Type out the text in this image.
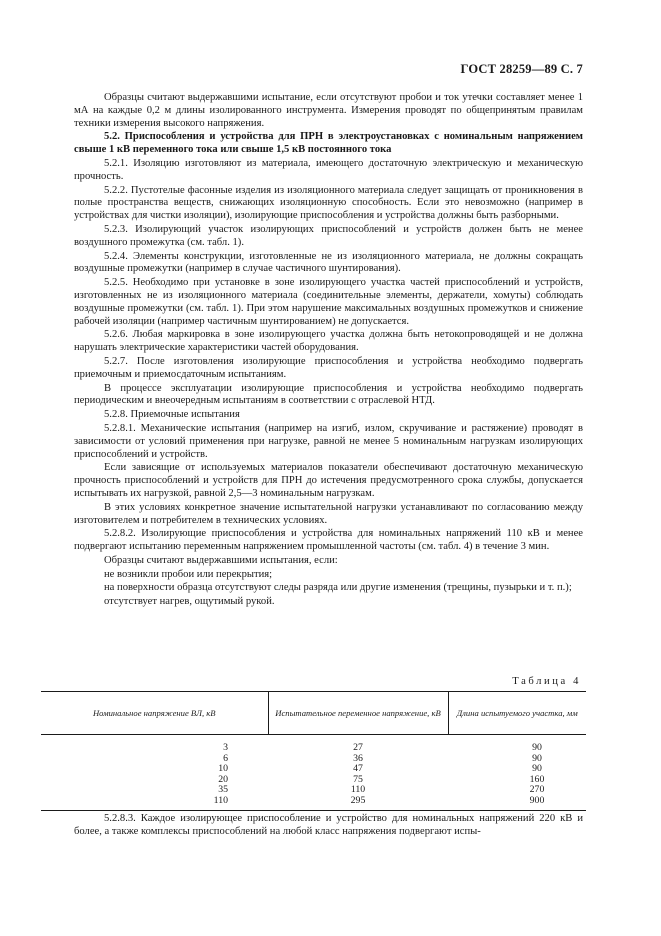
ГОСТ 28259—89 С. 7

Образцы считают выдержавшими испытание, если отсутствуют пробои и ток утечки составляет менее 1 мА на каждые 0,2 м длины изолированного инструмента. Измерения проводят по общепринятым правилам техники измерения высокого напряжения.

5.2. Приспособления и устройства для ПРН в электроустановках с номинальным напряжением свыше 1 кВ переменного тока или свыше 1,5 кВ постоянного тока

5.2.1. Изоляцию изготовляют из материала, имеющего достаточную электрическую и механическую прочность.

5.2.2. Пустотелые фасонные изделия из изоляционного материала следует защищать от проникновения в полые пространства веществ, снижающих изоляционную способность. Если это невозможно (например в устройствах для чистки изоляции), изолирующие приспособления и устройства должны быть разборными.

5.2.3. Изолирующий участок изолирующих приспособлений и устройств должен быть не менее воздушного промежутка (см. табл. 1).

5.2.4. Элементы конструкции, изготовленные не из изоляционного материала, не должны сокращать воздушные промежутки (например в случае частичного шунтирования).

5.2.5. Необходимо при установке в зоне изолирующего участка частей приспособлений и устройств, изготовленных не из изоляционного материала (соединительные элементы, держатели, хомуты) соблюдать воздушные промежутки (см. табл. 1). При этом нарушение максимальных воздушных промежутков и снижение рабочей изоляции (например частичным шунтированием) не допускается.

5.2.6. Любая маркировка в зоне изолирующего участка должна быть нетокопроводящей и не должна нарушать электрические характеристики частей оборудования.

5.2.7. После изготовления изолирующие приспособления и устройства необходимо подвергать приемочным и приемосдаточным испытаниям.

В процессе эксплуатации изолирующие приспособления и устройства необходимо подвергать периодическим и внеочередным испытаниям в соответствии с отраслевой НТД.

5.2.8. Приемочные испытания

5.2.8.1. Механические испытания (например на изгиб, излом, скручивание и растяжение) проводят в зависимости от условий применения при нагрузке, равной не менее 5 номинальным нагрузкам изолирующих приспособлений и устройств.

Если зависящие от используемых материалов показатели обеспечивают достаточную механическую прочность приспособлений и устройств для ПРН до истечения предусмотренного срока службы, допускается испытывать их нагрузкой, равной 2,5—3 номинальным нагрузкам.

В этих условиях конкретное значение испытательной нагрузки устанавливают по согласованию между изготовителем и потребителем в технических условиях.

5.2.8.2. Изолирующие приспособления и устройства для номинальных напряжений 110 кВ и менее подвергают испытанию переменным напряжением промышленной частоты (см. табл. 4) в течение 3 мин.

Образцы считают выдержавшими испытания, если:

не возникли пробои или перекрытия;

на поверхности образца отсутствуют следы разряда или другие изменения (трещины, пузырьки и т. п.);

отсутствует нагрев, ощутимый рукой.

Таблица 4
Номинальное напряжение ВЛ, кВ	Испытательное переменное напряжение, кВ	Длина испытуемого участка, мм
3	27	90
6	36	90
10	47	90
20	75	160
35	110	270
110	295	900

5.2.8.3. Каждое изолирующее приспособление и устройство для номинальных напряжений 220 кВ и более, а также комплексы приспособлений на любой класс напряжения подвергают испы-
